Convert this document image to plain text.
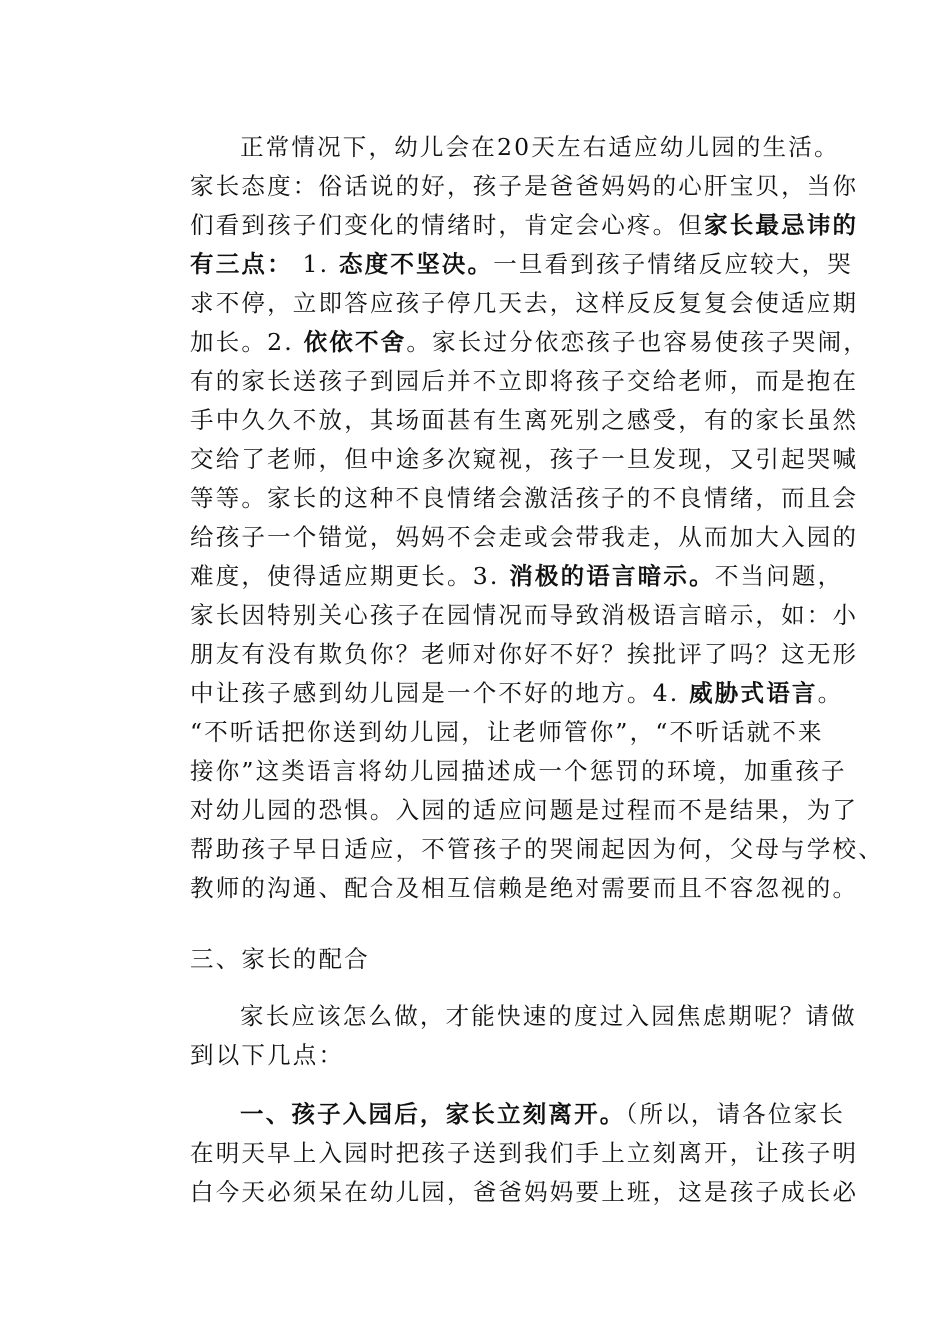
正常情况下，幼儿会在20天左右适应幼儿园的生活。

家长态度：俗话说的好，孩子是爸爸妈妈的心肝宝贝，当你
们看到孩子们变化的情绪时，肯定会心疼。但家长最忌讳的
有三点： 1. 态度不坚决。一旦看到孩子情绪反应较大，哭
求不停，立即答应孩子停几天去，这样反反复复会使适应期
加长。2. 依依不舍。家长过分依恋孩子也容易使孩子哭闹，
有的家长送孩子到园后并不立即将孩子交给老师，而是抱在
手中久久不放，其场面甚有生离死别之感受，有的家长虽然
交给了老师，但中途多次窥视，孩子一旦发现，又引起哭喊
等等。家长的这种不良情绪会激活孩子的不良情绪，而且会
给孩子一个错觉，妈妈不会走或会带我走，从而加大入园的
难度，使得适应期更长。3. 消极的语言暗示。不当问题，
家长因特别关心孩子在园情况而导致消极语言暗示，如：小
朋友有没有欺负你？老师对你好不好？挨批评了吗？这无形
中让孩子感到幼儿园是一个不好的地方。4. 威胁式语言。
“不听话把你送到幼儿园，让老师管你”，“不听话就不来
接你”这类语言将幼儿园描述成一个惩罚的环境，加重孩子
对幼儿园的恐惧。入园的适应问题是过程而不是结果，为了
帮助孩子早日适应，不管孩子的哭闹起因为何，父母与学校、
教师的沟通、配合及相互信赖是绝对需要而且不容忽视的。

三、家长的配合

家长应该怎么做，才能快速的度过入园焦虑期呢？请做
到以下几点：

一、孩子入园后，家长立刻离开。（所以，请各位家长
在明天早上入园时把孩子送到我们手上立刻离开，让孩子明
白今天必须呆在幼儿园，爸爸妈妈要上班，这是孩子成长必
